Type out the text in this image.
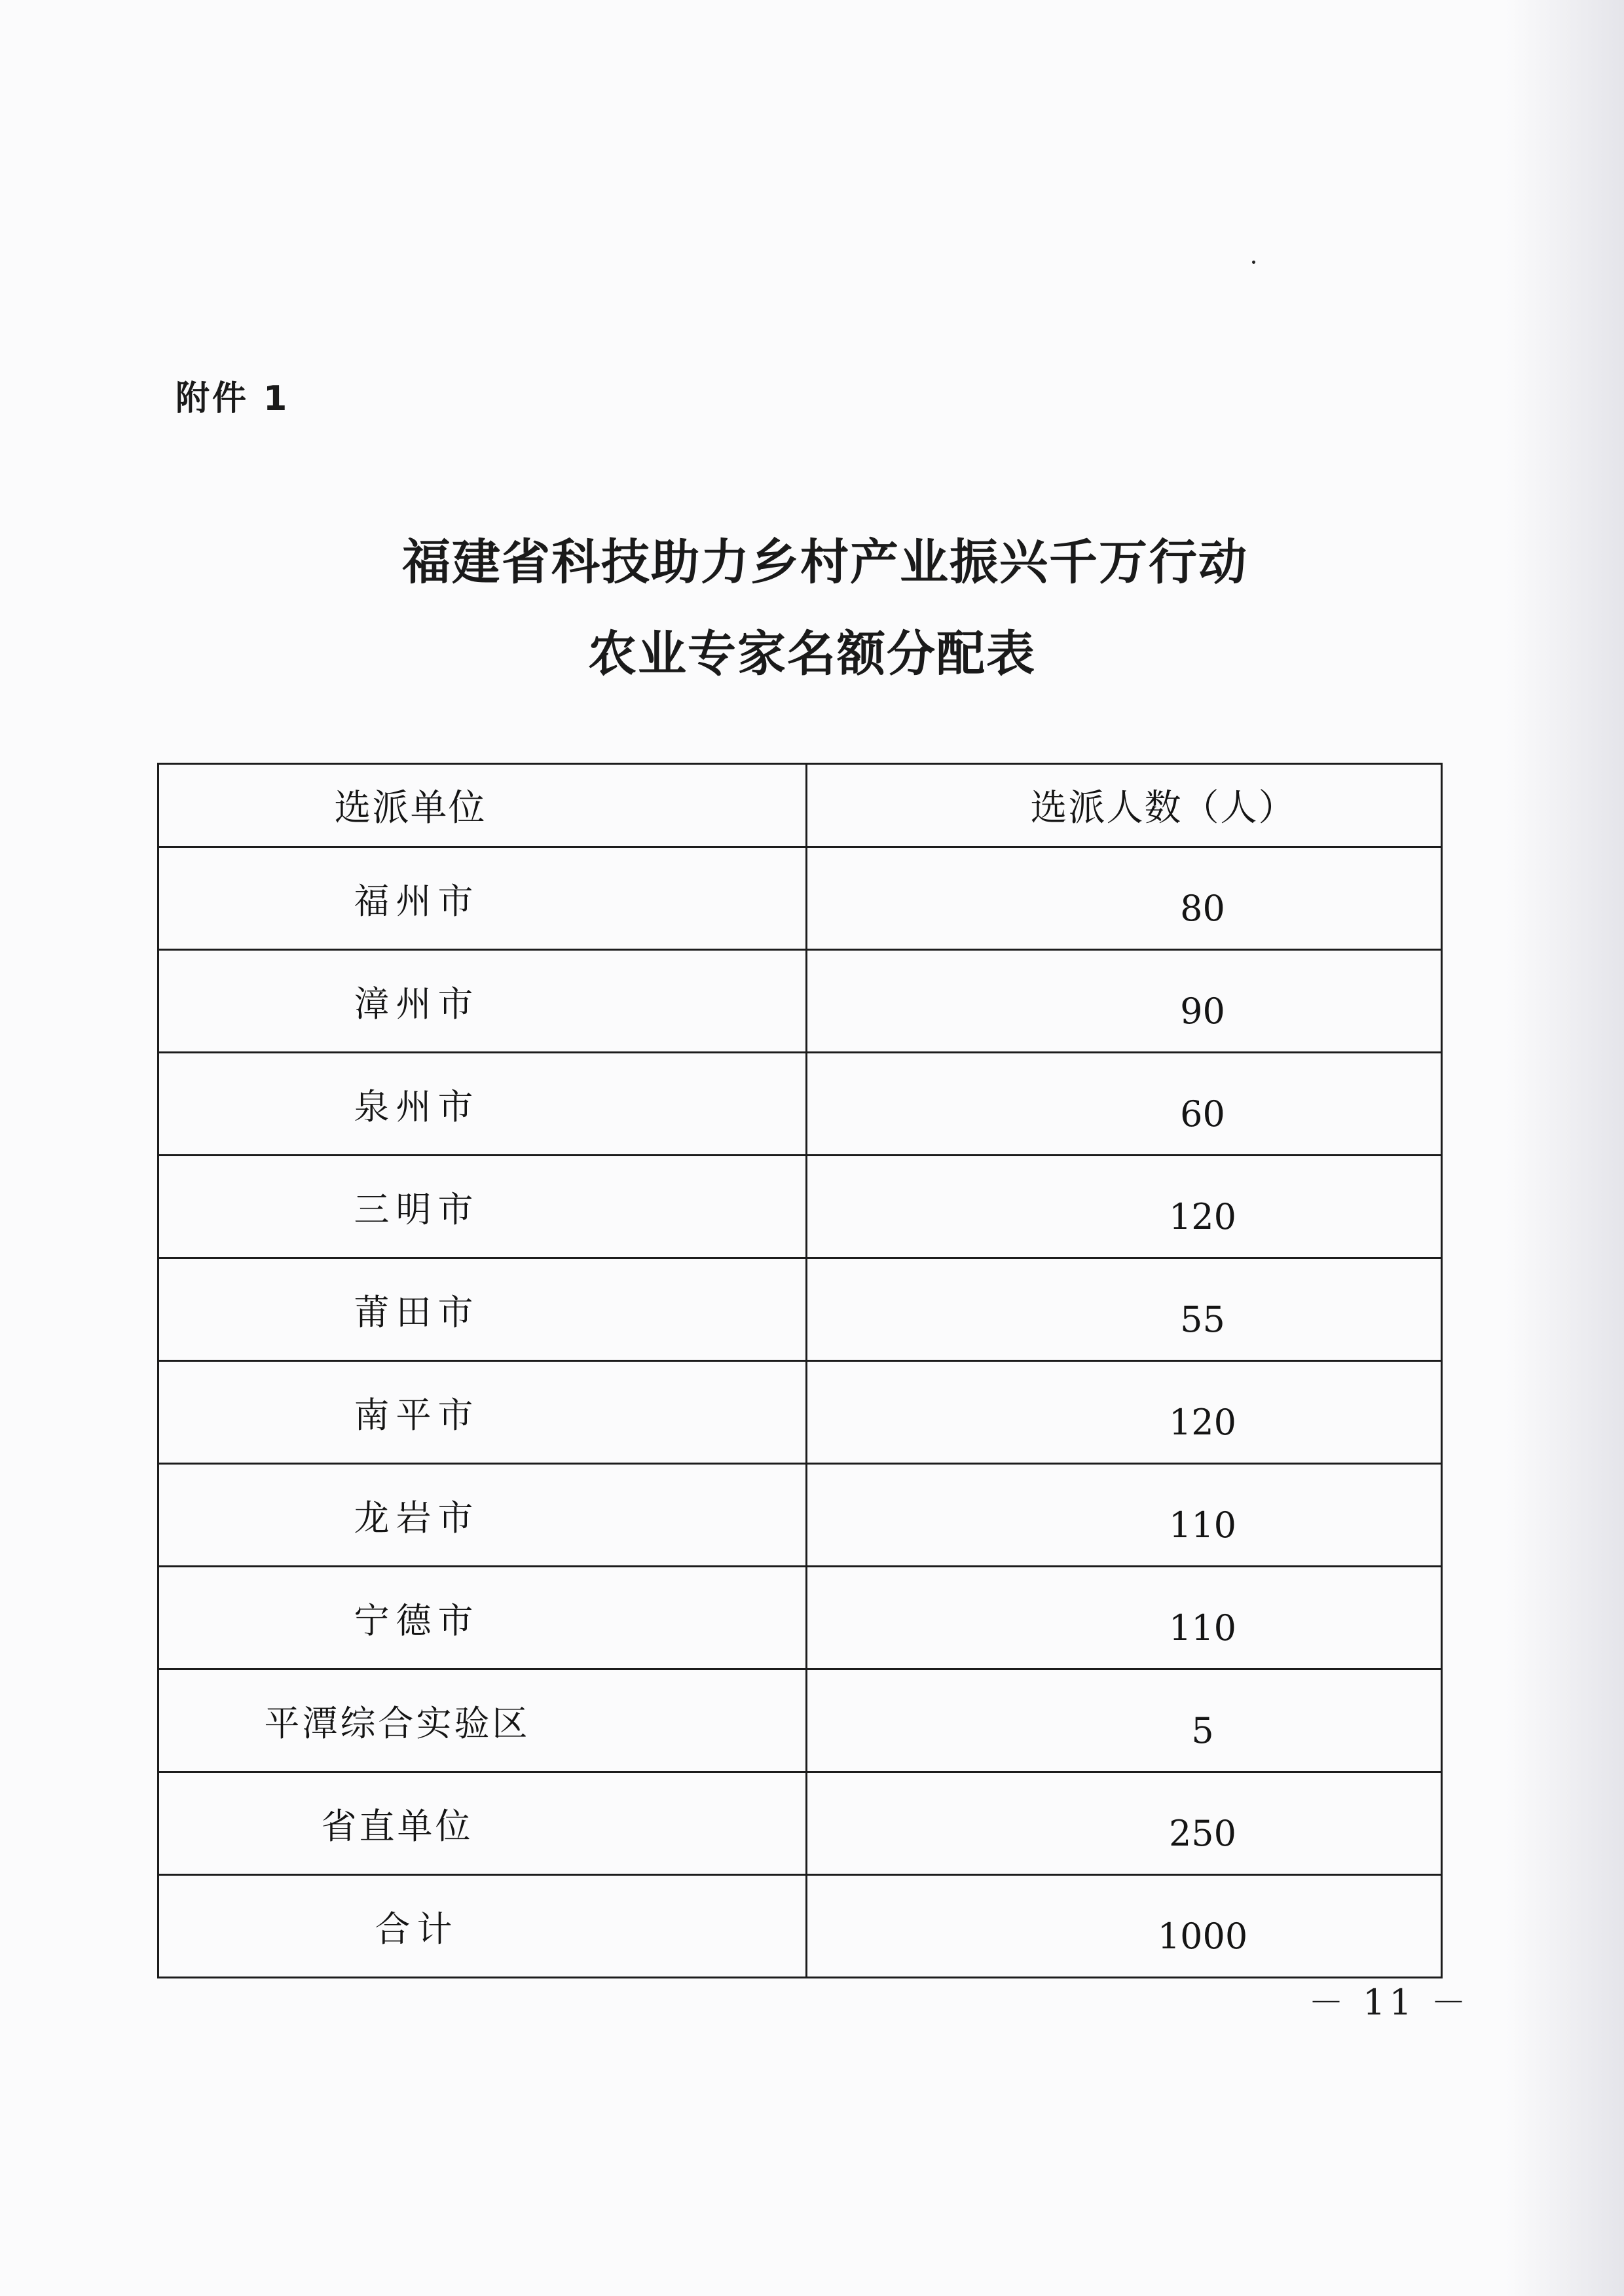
附件 1
福建省科技助力乡村产业振兴千万行动
农业专家名额分配表
选派单位	选派人数（人）
福州市	80
漳州市	90
泉州市	60
三明市	120
莆田市	55
南平市	120
龙岩市	110
宁德市	110
平潭综合实验区	5
省直单位	250
合计	1000
－ 11 －
